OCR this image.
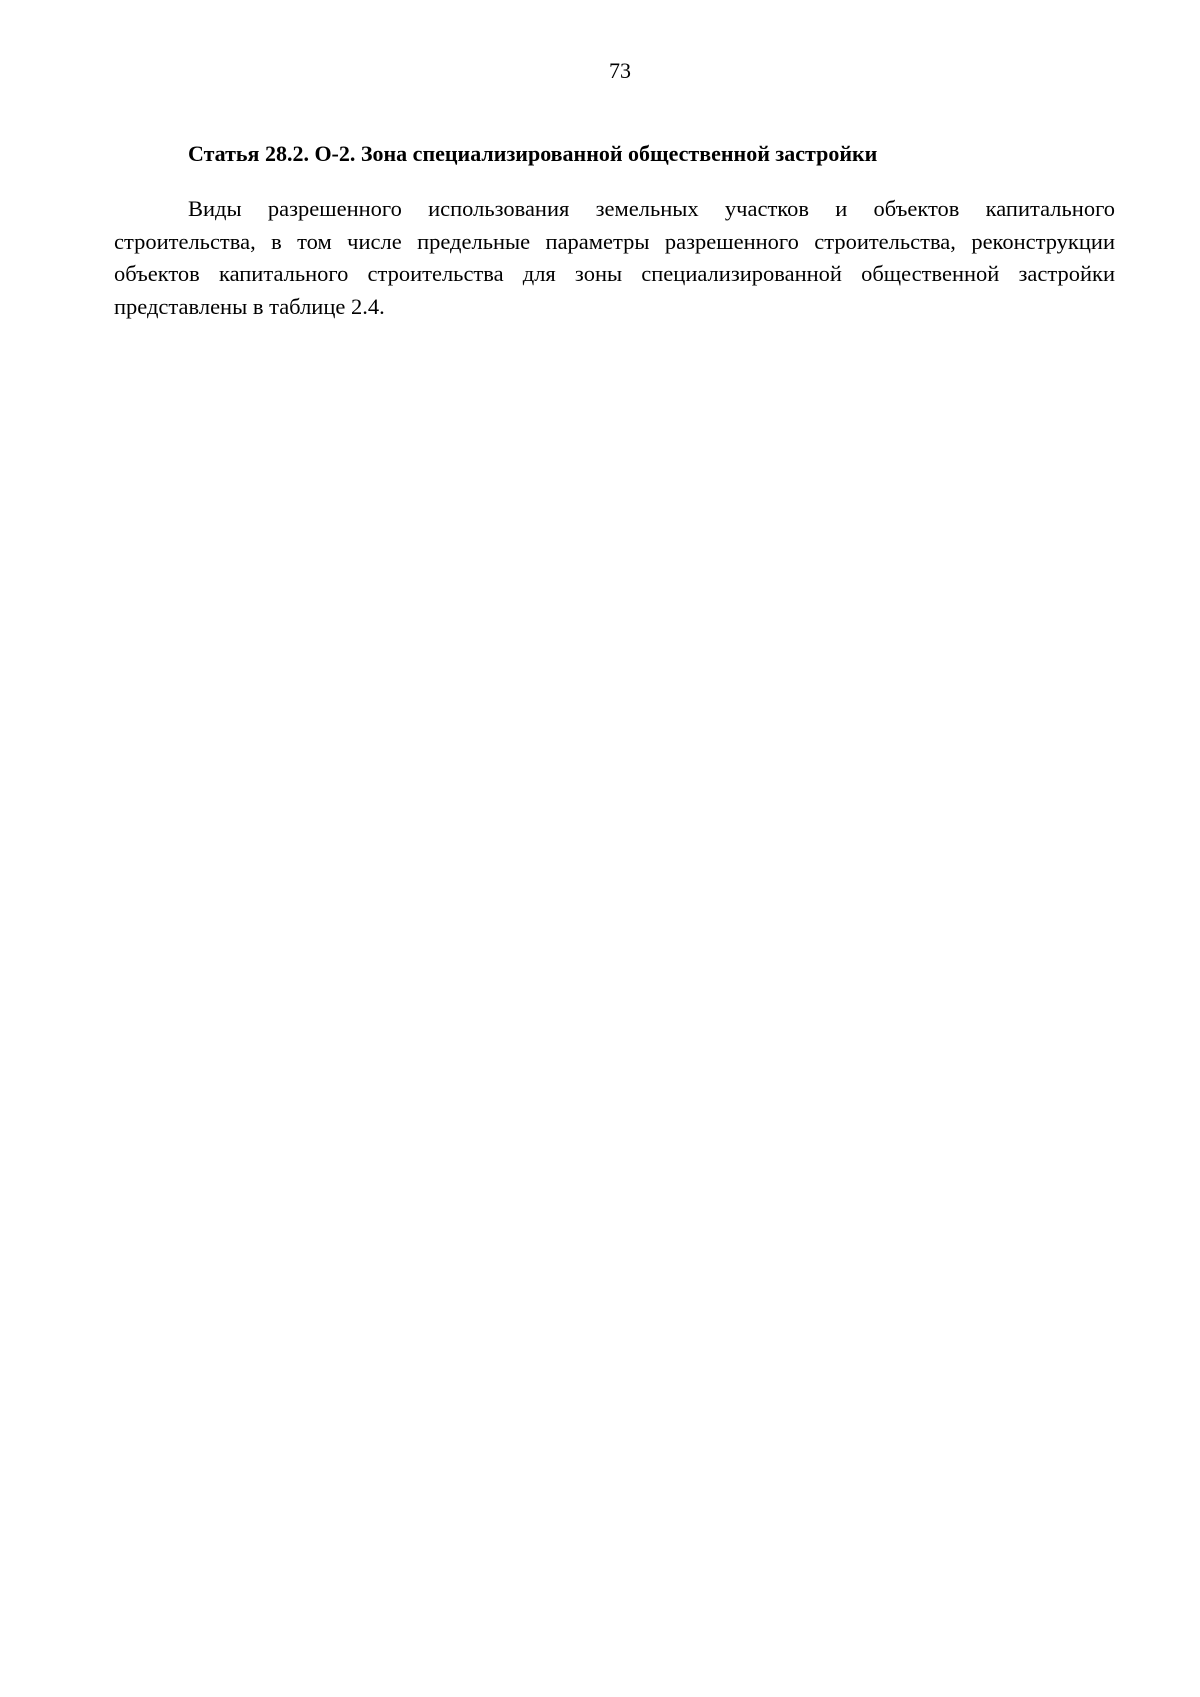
73
Статья 28.2. О-2. Зона специализированной общественной застройки

Виды разрешенного использования земельных участков и объектов капитального строительства, в том числе предельные параметры разрешенного строительства, реконструкции объектов капитального строительства для зоны специализированной общественной застройки представлены в таблице 2.4.
